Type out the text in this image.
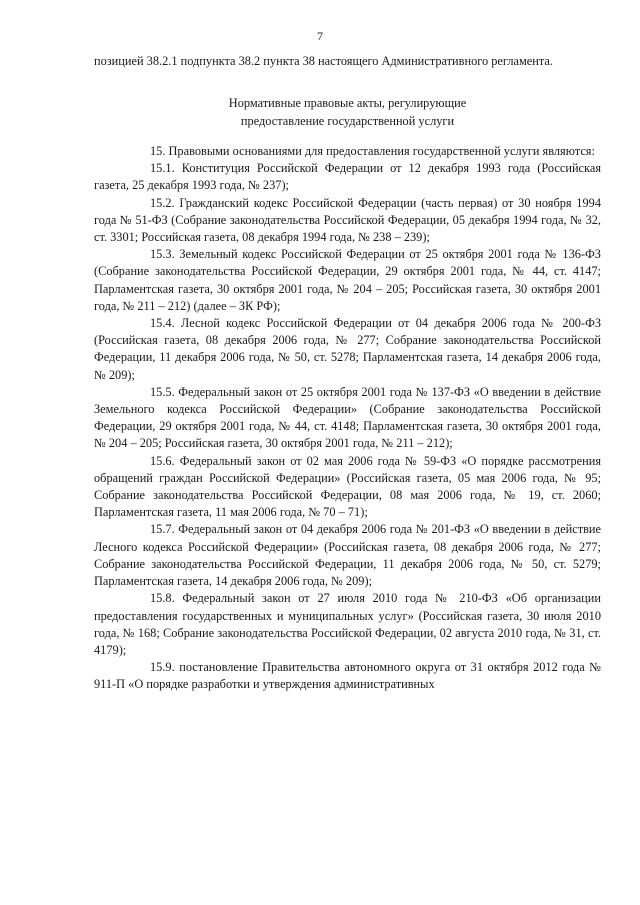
7

позицией 38.2.1 подпункта 38.2 пункта 38 настоящего Административного регламента.

Нормативные правовые акты, регулирующие
предоставление государственной услуги

15. Правовыми основаниями для предоставления государственной услуги являются:

15.1. Конституция Российской Федерации от 12 декабря 1993 года (Российская газета, 25 декабря 1993 года, № 237);

15.2. Гражданский кодекс Российской Федерации (часть первая) от 30 ноября 1994 года № 51-ФЗ (Собрание законодательства Российской Федерации, 05 декабря 1994 года, № 32, ст. 3301; Российская газета, 08 декабря 1994 года, № 238 – 239);

15.3. Земельный кодекс Российской Федерации от 25 октября 2001 года № 136-ФЗ (Собрание законодательства Российской Федерации, 29 октября 2001 года, № 44, ст. 4147; Парламентская газета, 30 октября 2001 года, № 204 – 205; Российская газета, 30 октября 2001 года, № 211 – 212) (далее – ЗК РФ);

15.4. Лесной кодекс Российской Федерации от 04 декабря 2006 года № 200-ФЗ (Российская газета, 08 декабря 2006 года, № 277; Собрание законодательства Российской Федерации, 11 декабря 2006 года, № 50, ст. 5278; Парламентская газета, 14 декабря 2006 года, № 209);

15.5. Федеральный закон от 25 октября 2001 года № 137-ФЗ «О введении в действие Земельного кодекса Российской Федерации» (Собрание законодательства Российской Федерации, 29 октября 2001 года, № 44, ст. 4148; Парламентская газета, 30 октября 2001 года, № 204 – 205; Российская газета, 30 октября 2001 года, № 211 – 212);

15.6. Федеральный закон от 02 мая 2006 года № 59-ФЗ «О порядке рассмотрения обращений граждан Российской Федерации» (Российская газета, 05 мая 2006 года, № 95; Собрание законодательства Российской Федерации, 08 мая 2006 года, № 19, ст. 2060; Парламентская газета, 11 мая 2006 года, № 70 – 71);

15.7. Федеральный закон от 04 декабря 2006 года № 201-ФЗ «О введении в действие Лесного кодекса Российской Федерации» (Российская газета, 08 декабря 2006 года, № 277; Собрание законодательства Российской Федерации, 11 декабря 2006 года, № 50, ст. 5279; Парламентская газета, 14 декабря 2006 года, № 209);

15.8. Федеральный закон от 27 июля 2010 года № 210-ФЗ «Об организации предоставления государственных и муниципальных услуг» (Российская газета, 30 июля 2010 года, № 168; Собрание законодательства Российской Федерации, 02 августа 2010 года, № 31, ст. 4179);

15.9. постановление Правительства автономного округа от 31 октября 2012 года № 911-П «О порядке разработки и утверждения административных
